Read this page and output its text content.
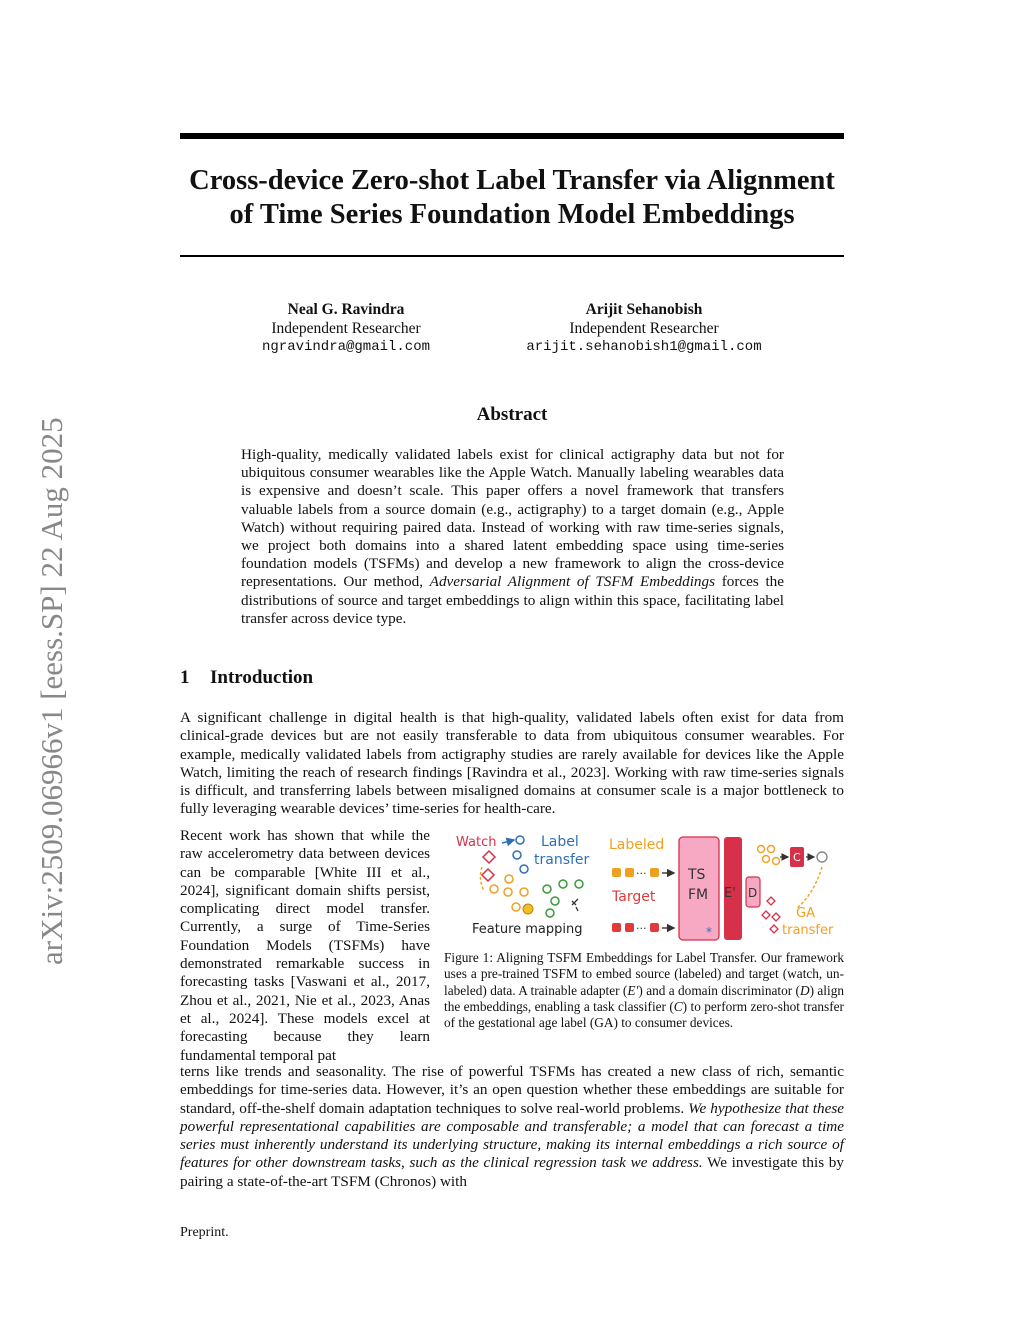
arXiv:2509.06966v1 [eess.SP] 22 Aug 2025
Cross-device Zero-shot Label Transfer via Alignment
of Time Series Foundation Model Embeddings
Neal G. Ravindra
Independent Researcher
ngravindra@gmail.com
Arijit Sehanobish
Independent Researcher
arijit.sehanobish1@gmail.com
Abstract
High-quality, medically validated labels exist for clinical actigraphy data but not for ubiquitous consumer wearables like the Apple Watch. Manually labeling wearables data is expensive and doesn’t scale. This paper offers a novel framework that transfers valuable labels from a source domain (e.g., actigraphy) to a target domain (e.g., Apple Watch) without requiring paired data. Instead of working with raw time-series signals, we project both domains into a shared latent embedding space using time-series foundation models (TSFMs) and develop a new framework to align the cross-device representations. Our method, Adversarial Alignment of TSFM Embeddings forces the distributions of source and target embeddings to align within this space, facilitating label transfer across device type.
1 Introduction
A significant challenge in digital health is that high-quality, validated labels often exist for data from clinical-grade devices but are not easily transferable to data from ubiquitous consumer wearables. For example, medically validated labels from actigraphy studies are rarely available for devices like the Apple Watch, limiting the reach of research findings [Ravindra et al., 2023]. Working with raw time-series signals is difficult, and transferring labels between misaligned domains at consumer scale is a major bottleneck to fully leveraging wearable devices’ time-series for health-care.
Recent work has shown that while the raw accelerometry data between devices can be comparable [White III et al., 2024], significant domain shifts persist, complicating direct model transfer. Currently, a surge of Time-Series Foundation Models (TSFMs) have demonstrated remarkable success in forecasting tasks [Vaswani et al., 2017, Zhou et al., 2021, Nie et al., 2023, Anas et al., 2024]. These models excel at forecasting because they learn fundamental temporal pat
Watch	Label
transfer
Feature mapping
Labeled
···
Target
···
TS
FM
*
E' D
C
GA
transfer
Figure 1: Aligning TSFM Embeddings for Label Transfer. Our framework uses a pre-trained TSFM to embed source (labeled) and target (watch, un-labeled) data. A trainable adapter (E′) and a domain discriminator (D) align the embeddings, enabling a task classifier (C) to perform zero-shot transfer of the gestational age label (GA) to consumer devices.
terns like trends and seasonality. The rise of powerful TSFMs has created a new class of rich, semantic embeddings for time-series data. However, it’s an open question whether these embeddings are suitable for standard, off-the-shelf domain adaptation techniques to solve real-world problems. We hypothesize that these powerful representational capabilities are composable and transferable; a model that can forecast a time series must inherently understand its underlying structure, making its internal embeddings a rich source of features for other downstream tasks, such as the clinical regression task we address. We investigate this by pairing a state-of-the-art TSFM (Chronos) with
Preprint.
